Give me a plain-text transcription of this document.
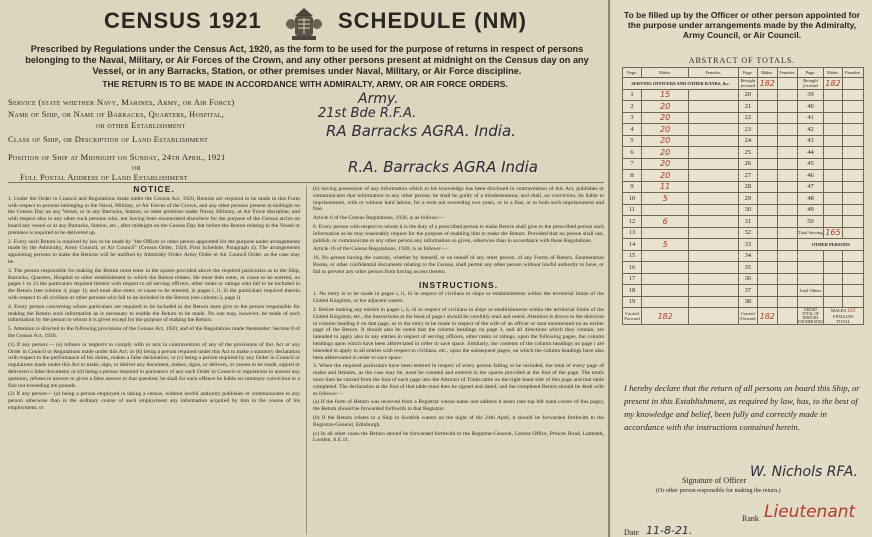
CENSUS 1921	SCHEDULE (NM)
Prescribed by Regulations under the Census Act, 1920, as the form to be used for the purpose of returns in respect of persons belonging to the Naval, Military, or Air Forces of the Crown, and any other persons present at midnight on the Census day on any Vessel, or in any Barracks, Station, or other premises under Naval, Military, or Air Force discipline.
THE RETURN IS TO BE MADE IN ACCORDANCE WITH ADMIRALTY, ARMY, OR AIR FORCE ORDERS.
Service (state whether Navy, Marines, Army, or Air Force)	Army.
Name of Ship, or Name of Barracks, Quarters, Hospital,	21st Bde R.F.A.
or other Establishment
Class of Ship, or Description of Land Establishment	RA Barracks AGRA. India.
Position of Ship at Midnight on Sunday, 24th April, 1921
or
Full Postal Address of Land Establishment
R.A. Barracks AGRA India
NOTICE.

1. Under the Order in Council and Regulations made under the Census Act, 1920, Returns are required to be made in this Form with respect to persons belonging to the Naval, Military, or Air Forces of the Crown, and any other persons present at midnight on the Census Day on any Vessel, or in any Barracks, Station, or other premises under Naval, Military, or Air Force discipline; and with respect also to any other such persons who, not having been enumerated elsewhere for the purpose of the Census arrive on board any vessel or at any Barracks, Station, etc., after midnight on the Census Day but before the Return relating to the Vessel or premises is required to be delivered up.

2. Every such Return is required by law to be made by "the Officer or other person appointed for the purpose under arrangements made by the Admiralty, Army Council, or Air Council" (Census Order, 1920, First Schedule, Paragraph 4). The arrangements appointing persons to make the Returns will be notified by Admiralty Order, Army Order or Air Council Order, as the case may be.

3. The person responsible for making the Return must enter in the spaces provided above the required particulars as to the Ship, Barracks, Quarters, Hospital or other establishment to which the Return relates. He must then enter, or cause to be entered, on pages 1 to 31 the particulars required therein with respect to all serving officers, other ranks or ratings who fall to be included in the Return (see column 4, page 1); and must also enter, or cause to be entered, in pages i, ii, iii the particulars required therein with respect to all civilians or other persons who fall to be included in the Return (see column 2, page i).

4. Every person concerning whom particulars are required to be included in the Return must give to the person responsible for making the Return such information as is necessary to enable the Return to be made. No one may, however, be made of such information by the person to whom it is given except for the purpose of making the Return.

5. Attention is directed to the following provisions of the Census Act, 1920, and of the Regulations made thereunder: Section 8 of the Census Act, 1920.

(1) If any person:— (a) refuses or neglects to comply with or acts in contravention of any of the provisions of this Act or any Order in Council or Regulations made under this Act; or (b) being a person required under this Act to make a statutory declaration with respect to the performance of his duties, makes a false declaration; or (c) being a person required by any Order in Council or regulations made under this Act to make, sign, or deliver any document, makes, signs, or delivers, or causes to be made, signed or delivered a false document; or (d) being a person required in pursuance of any such Order in Council or regulations to answer any question, refuses to answer or gives a false answer to that question; he shall for each offence be liable on summary conviction to a fine not exceeding ten pounds.

(2) If any person— (a) being a person employed in taking a census, without lawful authority publishes or communicates to any person otherwise than in the ordinary course of such employment any information acquired by him in the course of his employment; or

(b) having possession of any information which to his knowledge has been disclosed in contravention of this Act, publishes or communicates that information to any other person; he shall be guilty of a misdemeanour, and shall, on conviction, be liable to imprisonment, with or without hard labour, for a term not exceeding two years, or to a fine, or to both such imprisonment and fine.

Article 6 of the Census Regulations, 1920, is as follows:—

6. Every person with respect to whom it is the duty of a prescribed person to make Return shall give to the prescribed person such information as he may reasonably require for the purpose of enabling him to make the Return. Provided that no person shall use, publish, or communicate to any other person any information so given, otherwise than in accordance with these Regulations.

Article 16 of the Census Regulations, 1920, is as follows:—

16. No person having the custody, whether by himself, or on behalf of any other person, of any Forms of Return, Enumeration Books, or other confidential documents relating to the Census, shall permit any other person without lawful authority to have, or fail to prevent any other person from having access thereto.

INSTRUCTIONS.

1. No entry is to be made in pages i, ii, iii in respect of civilians in ships or establishments within the territorial limits of the United Kingdom, or the adjacent waters.

2. Before making any entries in pages i, ii, iii in respect of civilians in ships or establishments within the territorial limits of the United Kingdom, etc., the instructions at the head of page i should be carefully read and noted. Attention is drawn to the direction in column heading 6 on that page, as to the entry to be made in respect of the wife of an officer or man enumerated on an earlier page of the Return. It should also be noted that the column headings on page 1, and all directions which they contain, are intended to apply also to any entries in respect of serving officers, other ranks or ratings, upon the following pages, the column headings upon which have been abbreviated in order to save space. Similarly, the contents of the column headings on page i are intended to apply to all entries with respect to civilians, etc., upon the subsequent pages, on which the column headings have also been abbreviated in order to save space.

3. When the required particulars have been entered in respect of every person falling to be included, the total of every page of males and females, as the case may be, must be counted and entered in the spaces provided at the foot of the page. The totals must then be carried from the foot of each page into the Abstract of Totals table on the right-hand side of this page and that table completed. The declaration at the foot of that table must then be signed and dated; and the completed Return should be dealt with as follows:—

(a) If the form of Return was received from a Registrar whose name and address it bears (see top left hand corner of this page), the Return should be forwarded forthwith to that Registrar.

(b) If the Return relates to a Ship in Scottish waters on the night of the 24th April, it should be forwarded forthwith to the Registrar-General, Edinburgh.

(c) In all other cases the Return should be forwarded forthwith to the Registrar-General, Census Office, Princes Road, Lambeth, London, S.E.11.

To be filled up by the Officer or other person appointed for the purpose under arrangements made by the Admiralty, Army Council, or Air Council.
ABSTRACT OF TOTALS.
Page.	Males.	Females.	Page.	Males.	Females.	Page.	Males.	Females.
SERVING OFFICERS AND OTHER RANKS, &c.			Brought forward	182		Brought forward	182	
1	15		20			39		
2	20		21			40		
3	20		22			41		
4	20		23			42		
5	20		24			43		
6	20		25			44		
7	20		26			45		
8	20		27			46		
9	11		28			47		
10	5		29			48		
11			30			49		
12	6		31			50		
13			32			Total Serving	165	
14	5		33			OTHER PERSONS		
15			34					
16			35					
17			36					
18			37			Total Others		
19			38					
Carried Forward	182		Carried Forward	182		GRAND TOTAL OF PERSONS ENUMERATED	MALES 165
FEMALES
TOTAL	
I hereby declare that the return of all persons on board this Ship, or present in this Establishment, as required by law, has, to the best of my knowledge and belief, been fully and correctly made in accordance with the instructions contained herein.
Signature of Officer
W. Nichols RFA.
(Or other person responsible for making the return.)
Rank Lieutenant
Date 11-8-21.
